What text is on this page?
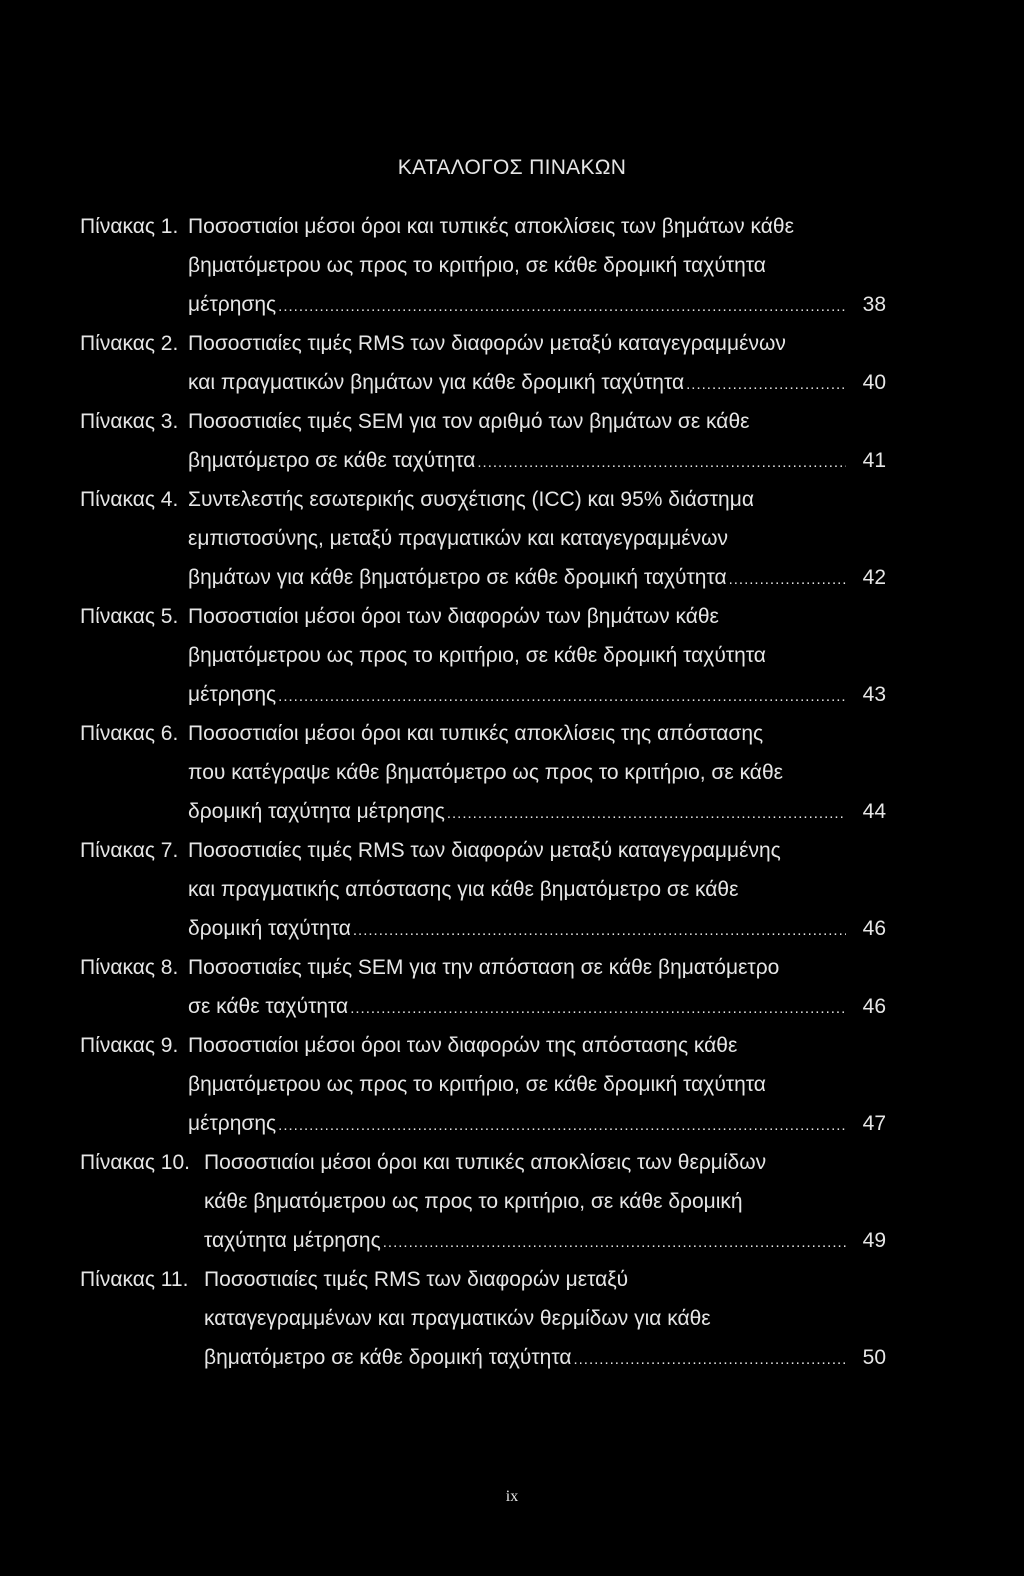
ΚΑΤΑΛΟΓΟΣ ΠΙΝΑΚΩΝ
Πίνακας 1. Ποσοστιαίοι μέσοι όροι και τυπικές αποκλίσεις των βημάτων κάθε
βηματόμετρου ως προς το κριτήριο, σε κάθε δρομική ταχύτητα
μέτρησης .....	38
Πίνακας 2. Ποσοστιαίες τιμές RMS των διαφορών μεταξύ καταγεγραμμένων
και πραγματικών βημάτων για κάθε δρομική ταχύτητα .....	40
Πίνακας 3. Ποσοστιαίες τιμές SEM για τον αριθμό των βημάτων σε κάθε
βηματόμετρο σε κάθε ταχύτητα .....	41
Πίνακας 4. Συντελεστής εσωτερικής συσχέτισης (ICC) και 95% διάστημα
εμπιστοσύνης, μεταξύ πραγματικών και καταγεγραμμένων
βημάτων για κάθε βηματόμετρο σε κάθε δρομική ταχύτητα .....	42
Πίνακας 5. Ποσοστιαίοι μέσοι όροι των διαφορών των βημάτων κάθε
βηματόμετρου ως προς το κριτήριο, σε κάθε δρομική ταχύτητα
μέτρησης .....	43
Πίνακας 6. Ποσοστιαίοι μέσοι όροι και τυπικές αποκλίσεις της απόστασης
που κατέγραψε κάθε βηματόμετρο ως προς το κριτήριο, σε κάθε
δρομική ταχύτητα μέτρησης .....	44
Πίνακας 7. Ποσοστιαίες τιμές RMS των διαφορών μεταξύ καταγεγραμμένης
και πραγματικής απόστασης για κάθε βηματόμετρο σε κάθε
δρομική ταχύτητα .....	46
Πίνακας 8. Ποσοστιαίες τιμές SEM για την απόσταση σε κάθε βηματόμετρο
σε κάθε ταχύτητα .....	46
Πίνακας 9. Ποσοστιαίοι μέσοι όροι των διαφορών της απόστασης κάθε
βηματόμετρου ως προς το κριτήριο, σε κάθε δρομική ταχύτητα
μέτρησης .....	47
Πίνακας 10. Ποσοστιαίοι μέσοι όροι και τυπικές αποκλίσεις των θερμίδων
κάθε βηματόμετρου ως προς το κριτήριο, σε κάθε δρομική
ταχύτητα μέτρησης .....	49
Πίνακας 11. Ποσοστιαίες τιμές RMS των διαφορών μεταξύ
καταγεγραμμένων και πραγματικών θερμίδων για κάθε
βηματόμετρο σε κάθε δρομική ταχύτητα .....	50
ix
